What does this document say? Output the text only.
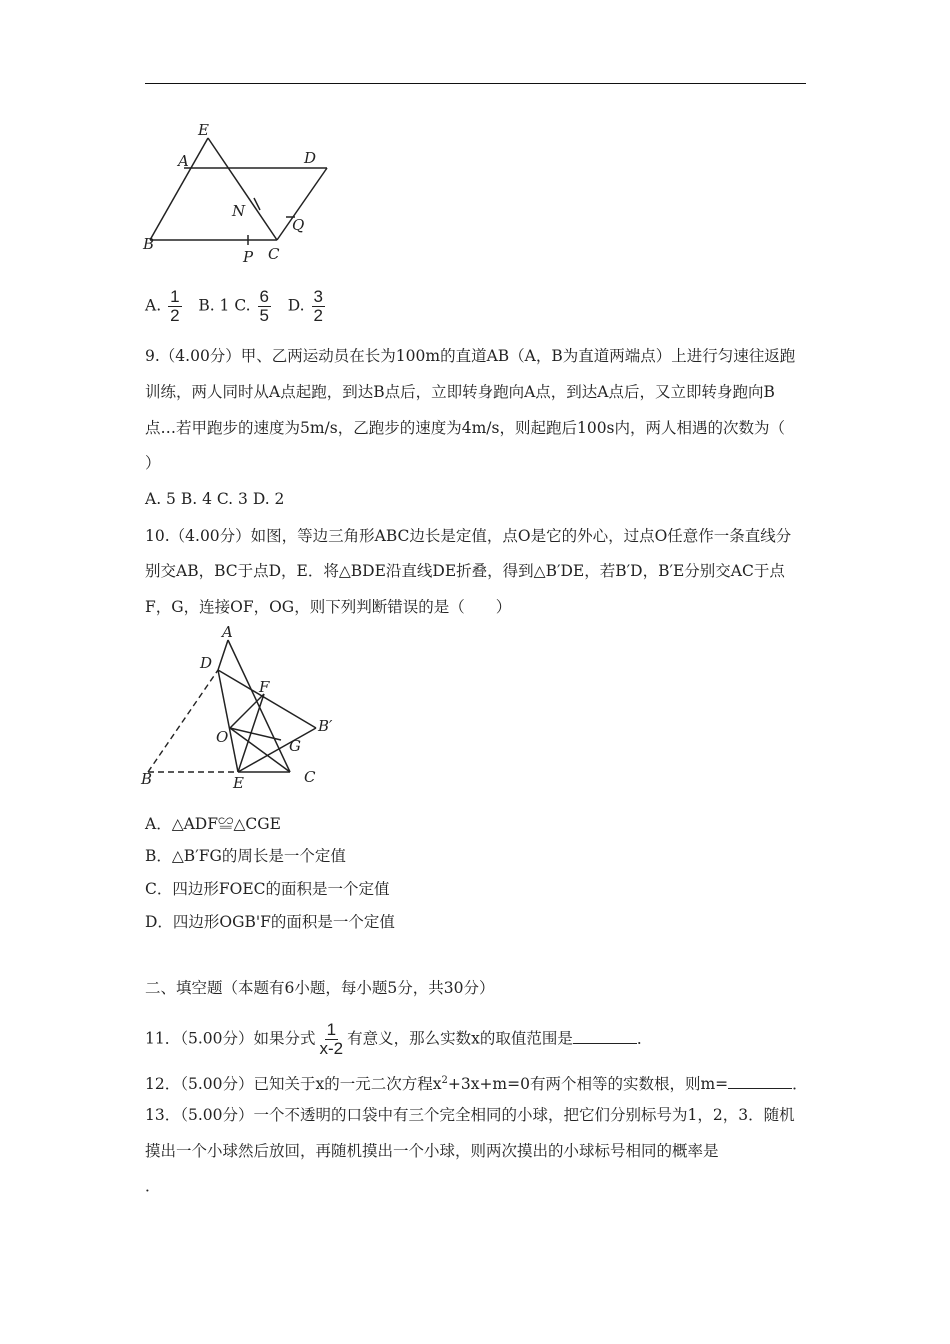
E
A	D
N
Q
B
P C
A. $\frac{1}{2} B$. 1 C. $\frac{6}{5} D$. $\frac{3}{2}$
9.（4.00分）甲、乙两运动员在长为100m的直道AB（A，B为直道两端点）上进行匀速往返跑
训练，两人同时从A点起跑，到达B点后，立即转身跑向A点，到达A点后，又立即转身跑向B
点…若甲跑步的速度为5m/s，乙跑步的速度为4m/s，则起跑后100s内，两人相遇的次数为（
）
A. 5 B. 4 C. 3 D. 2
10.（4.00分）如图，等边三角形ABC边长是定值，点O是它的外心，过点O任意作一条直线分
别交AB，BC于点D，E．将△BDE沿直线DE折叠，得到△B′DE，若B′D，B′E分别交AC于点
F，G，连接OF，OG，则下列判断错误的是（　　）
A
D
F
B′
O	G
B	E	C
A．△ADF≌△CGE
B．△B′FG的周长是一个定值
C．四边形FOEC的面积是一个定值
D．四边形OGB'F的面积是一个定值
二、填空题（本题有6小题，每小题5分，共30分）
11．（5.00分）如果分式 $\frac{1}{x-2}$ 有意义，那么实数x的取值范围是	．
12．（5.00分）已知关于x的一元二次方程$x^2+3x+m=0$有两个相等的实数根，则m=	．
13．（5.00分）一个不透明的口袋中有三个完全相同的小球，把它们分别标号为1，2，3．随机
摸出一个小球然后放回，再随机摸出一个小球，则两次摸出的小球标号相同的概率是
．
